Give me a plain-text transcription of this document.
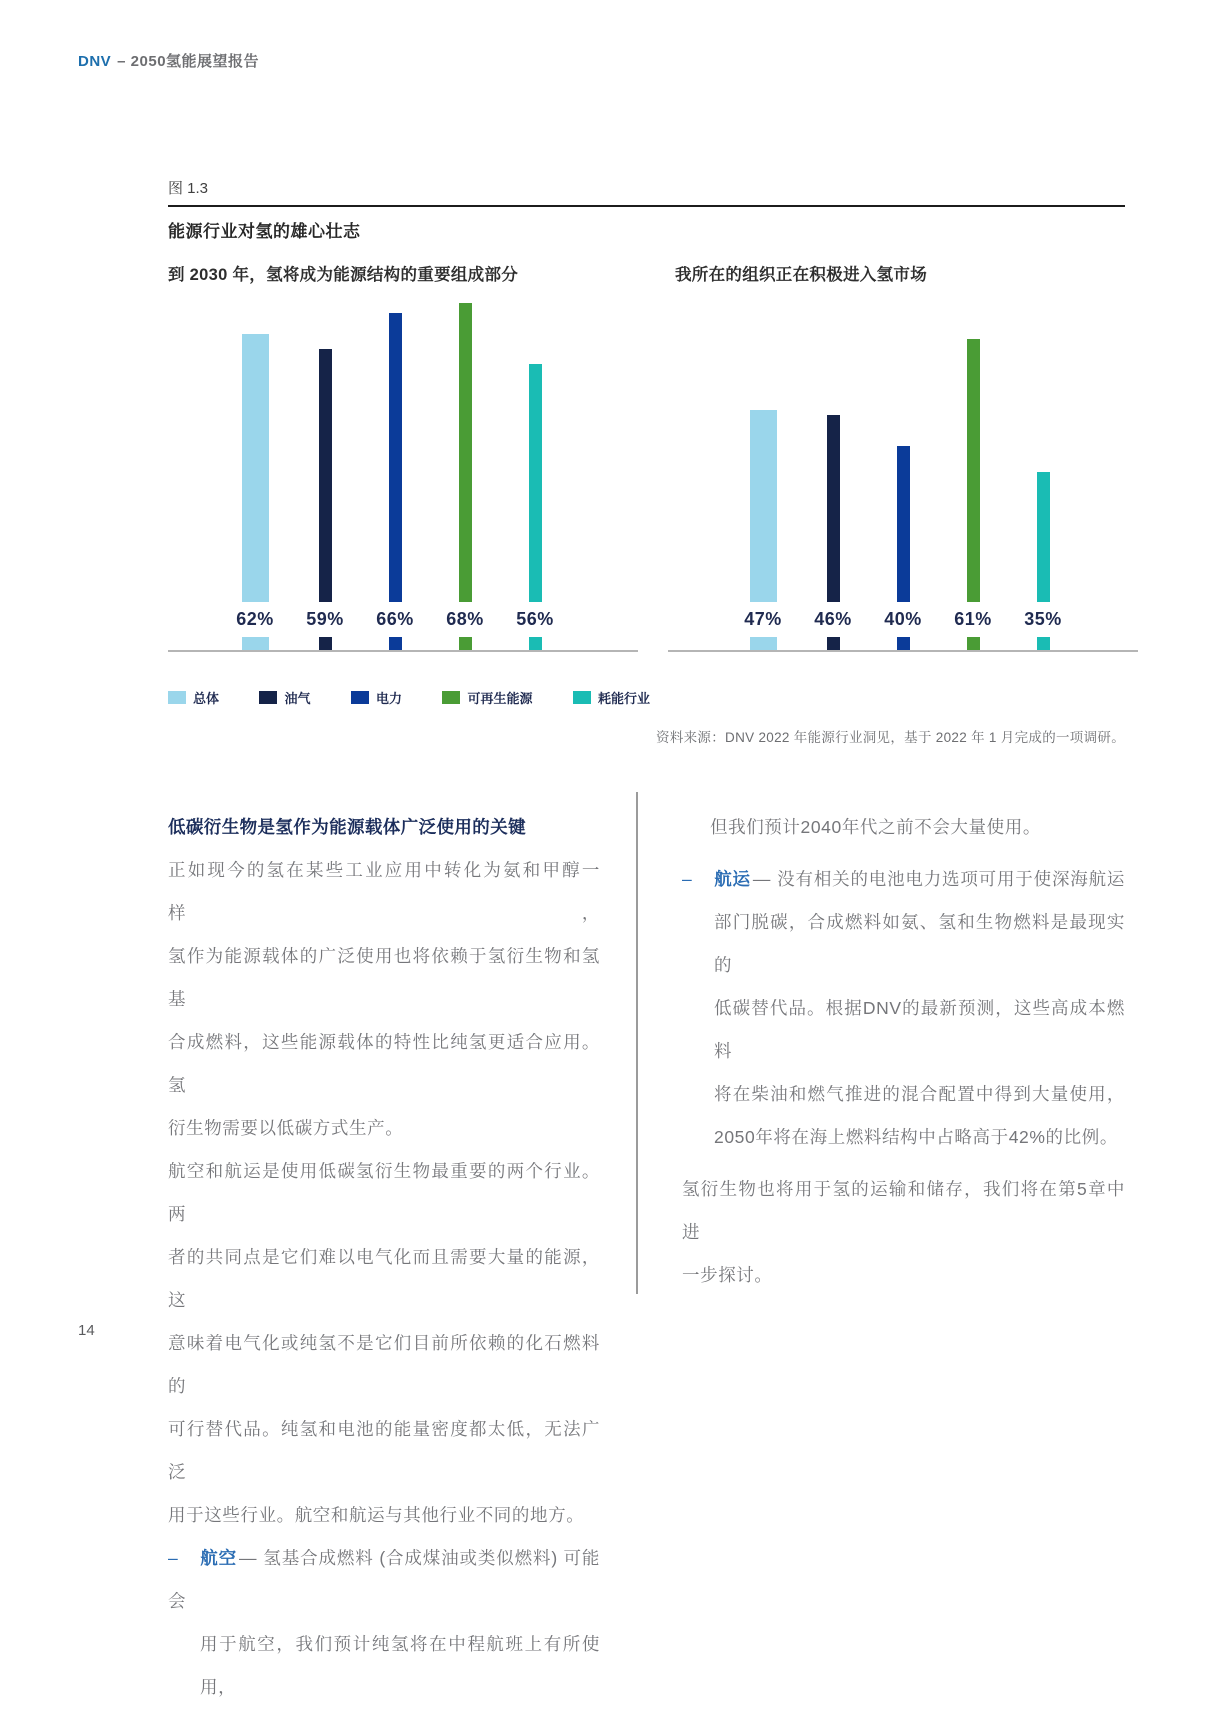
DNV – 2050氢能展望报告
图 1.3
能源行业对氢的雄心壮志
到 2030 年，氢将成为能源结构的重要组成部分	我所在的组织正在积极进入氢市场
62% 59% 66% 68% 56%	47% 46% 40% 61% 35%
总体	油气	电力	可再生能源	耗能行业
资料来源：DNV 2022 年能源行业洞见，基于 2022 年 1 月完成的一项调研。
低碳衍生物是氢作为能源载体广泛使用的关键
正如现今的氢在某些工业应用中转化为氨和甲醇一样，
氢作为能源载体的广泛使用也将依赖于氢衍生物和氢基
合成燃料，这些能源载体的特性比纯氢更适合应用。氢
衍生物需要以低碳方式生产。
航空和航运是使用低碳氢衍生物最重要的两个行业。两
者的共同点是它们难以电气化而且需要大量的能源，这
意味着电气化或纯氢不是它们目前所依赖的化石燃料的
可行替代品。纯氢和电池的能量密度都太低，无法广泛
用于这些行业。航空和航运与其他行业不同的地方。
– 航空 — 氢基合成燃料 (合成煤油或类似燃料) 可能会
用于航空，我们预计纯氢将在中程航班上有所使用，
但我们预计2040年代之前不会大量使用。
– 航运 — 没有相关的电池电力选项可用于使深海航运
部门脱碳，合成燃料如氨、氢和生物燃料是最现实的
低碳替代品。根据DNV的最新预测，这些高成本燃料
将在柴油和燃气推进的混合配置中得到大量使用，
2050年将在海上燃料结构中占略高于42%的比例。
氢衍生物也将用于氢的运输和储存，我们将在第5章中进
一步探讨。
14
